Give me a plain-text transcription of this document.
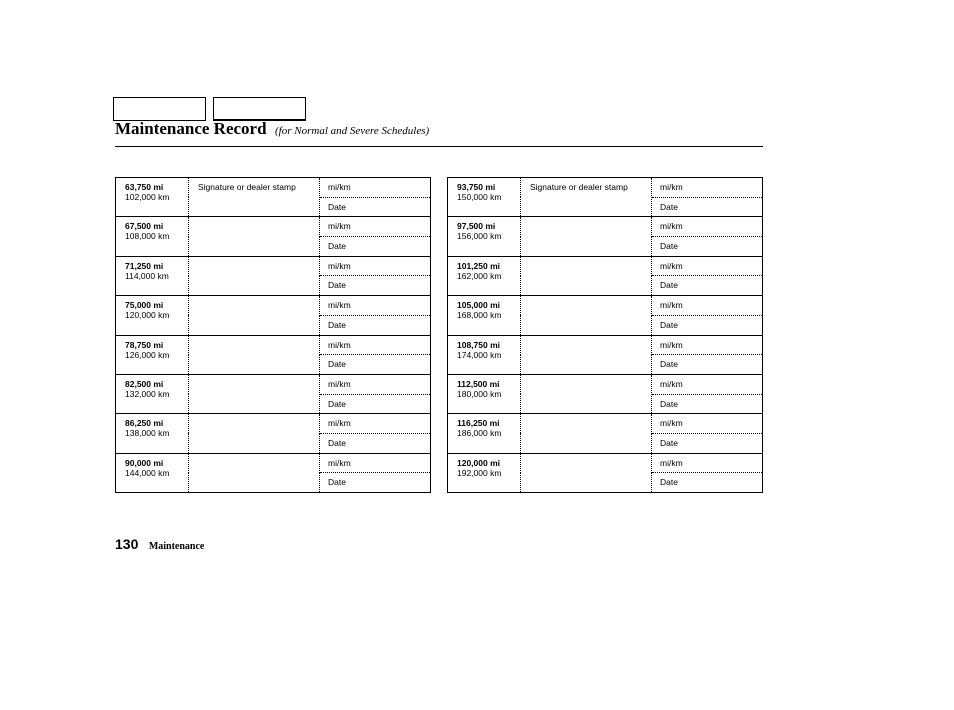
Maintenance Record (for Normal and Severe Schedules)
63,750 mi
102,000 km	Signature or dealer stamp	mi/km
		Date

67,500 mi
108,000 km		mi/km
		Date

71,250 mi
114,000 km		mi/km
		Date

75,000 mi
120,000 km		mi/km
		Date

78,750 mi
126,000 km		mi/km
		Date

82,500 mi
132,000 km		mi/km
		Date

86,250 mi
138,000 km		mi/km
		Date

90,000 mi
144,000 km		mi/km
		Date
93,750 mi
150,000 km	Signature or dealer stamp	mi/km
		Date

97,500 mi
156,000 km		mi/km
		Date

101,250 mi
162,000 km		mi/km
		Date

105,000 mi
168,000 km		mi/km
		Date

108,750 mi
174,000 km		mi/km
		Date

112,500 mi
180,000 km		mi/km
		Date

116,250 mi
186,000 km		mi/km
		Date

120,000 mi
192,000 km		mi/km
		Date
130 Maintenance
